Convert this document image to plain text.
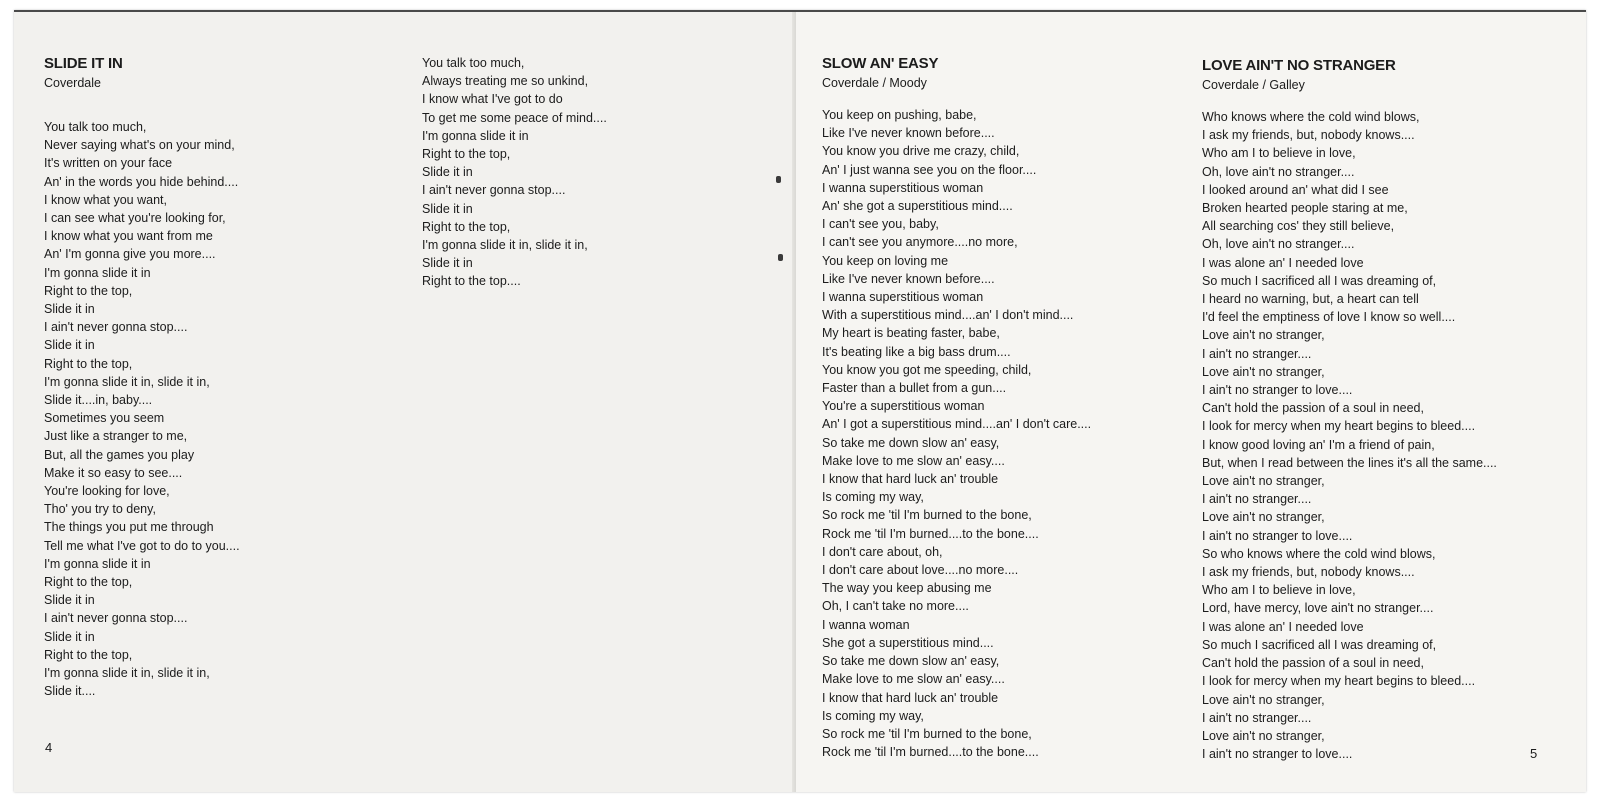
SLIDE IT IN

Coverdale

You talk too much,
Never saying what's on your mind,
It's written on your face
An' in the words you hide behind....
I know what you want,
I can see what you're looking for,
I know what you want from me
An' I'm gonna give you more....
I'm gonna slide it in
Right to the top,
Slide it in
I ain't never gonna stop....
Slide it in
Right to the top,
I'm gonna slide it in, slide it in,
Slide it....in, baby....
Sometimes you seem
Just like a stranger to me,
But, all the games you play
Make it so easy to see....
You're looking for love,
Tho' you try to deny,
The things you put me through
Tell me what I've got to do to you....
I'm gonna slide it in
Right to the top,
Slide it in
I ain't never gonna stop....
Slide it in
Right to the top,
I'm gonna slide it in, slide it in,
Slide it....
You talk too much,
Always treating me so unkind,
I know what I've got to do
To get me some peace of mind....
I'm gonna slide it in
Right to the top,
Slide it in
I ain't never gonna stop....
Slide it in
Right to the top,
I'm gonna slide it in, slide it in,
Slide it in
Right to the top....
4
SLOW AN' EASY

Coverdale / Moody

You keep on pushing, babe,
Like I've never known before....
You know you drive me crazy, child,
An' I just wanna see you on the floor....
I wanna superstitious woman
An' she got a superstitious mind....
I can't see you, baby,
I can't see you anymore....no more,
You keep on loving me
Like I've never known before....
I wanna superstitious woman
With a superstitious mind....an' I don't mind....
My heart is beating faster, babe,
It's beating like a big bass drum....
You know you got me speeding, child,
Faster than a bullet from a gun....
You're a superstitious woman
An' I got a superstitious mind....an' I don't care....
So take me down slow an' easy,
Make love to me slow an' easy....
I know that hard luck an' trouble
Is coming my way,
So rock me 'til I'm burned to the bone,
Rock me 'til I'm burned....to the bone....
I don't care about, oh,
I don't care about love....no more....
The way you keep abusing me
Oh, I can't take no more....
I wanna woman
She got a superstitious mind....
So take me down slow an' easy,
Make love to me slow an' easy....
I know that hard luck an' trouble
Is coming my way,
So rock me 'til I'm burned to the bone,
Rock me 'til I'm burned....to the bone....
LOVE AIN'T NO STRANGER

Coverdale / Galley

Who knows where the cold wind blows,
I ask my friends, but, nobody knows....
Who am I to believe in love,
Oh, love ain't no stranger....
I looked around an' what did I see
Broken hearted people staring at me,
All searching cos' they still believe,
Oh, love ain't no stranger....
I was alone an' I needed love
So much I sacrificed all I was dreaming of,
I heard no warning, but, a heart can tell
I'd feel the emptiness of love I know so well....
Love ain't no stranger,
I ain't no stranger....
Love ain't no stranger,
I ain't no stranger to love....
Can't hold the passion of a soul in need,
I look for mercy when my heart begins to bleed....
I know good loving an' I'm a friend of pain,
But, when I read between the lines it's all the same....
Love ain't no stranger,
I ain't no stranger....
Love ain't no stranger,
I ain't no stranger to love....
So who knows where the cold wind blows,
I ask my friends, but, nobody knows....
Who am I to believe in love,
Lord, have mercy, love ain't no stranger....
I was alone an' I needed love
So much I sacrificed all I was dreaming of,
Can't hold the passion of a soul in need,
I look for mercy when my heart begins to bleed....
Love ain't no stranger,
I ain't no stranger....
Love ain't no stranger,
I ain't no stranger to love....	5
